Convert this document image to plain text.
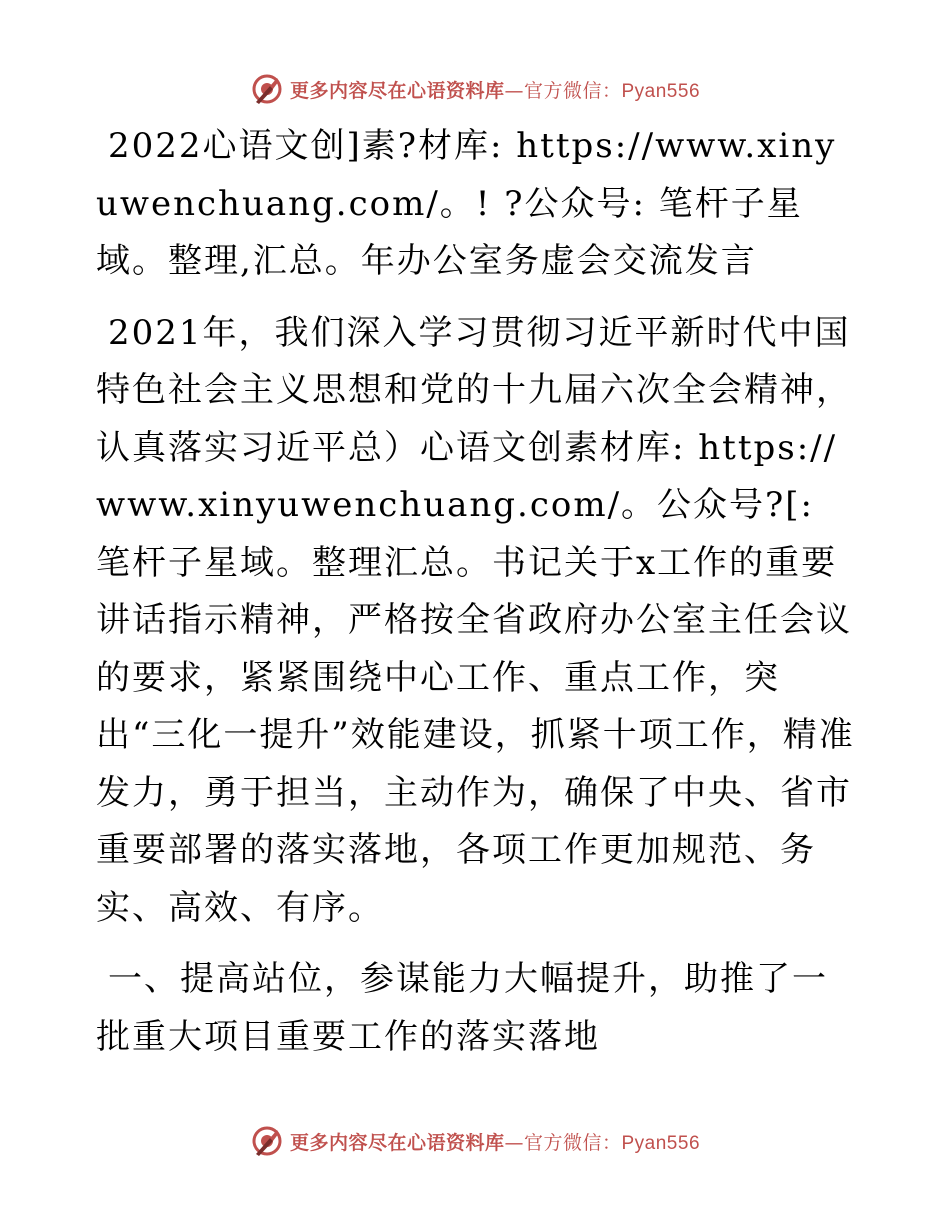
更多内容尽在心语资料库—官方微信：Pyan556

2022心语文创]素?材库: https://www.xinyuwenchuang.com/。! ?公众号: 笔杆子星域。整理,汇总。年办公室务虚会交流发言

2021年，我们深入学习贯彻习近平新时代中国特色社会主义思想和党的十九届六次全会精神，认真落实习近平总）心语文创素材库: https://www.xinyuwenchuang.com/。公众号?[: 笔杆子星域。整理汇总。书记关于x工作的重要讲话指示精神，严格按全省政府办公室主任会议的要求，紧紧围绕中心工作、重点工作，突出“三化一提升”效能建设，抓紧十项工作，精准发力，勇于担当，主动作为，确保了中央、省市重要部署的落实落地，各项工作更加规范、务实、高效、有序。

一、提高站位，参谋能力大幅提升，助推了一批重大项目重要工作的落实落地

更多内容尽在心语资料库—官方微信：Pyan556
